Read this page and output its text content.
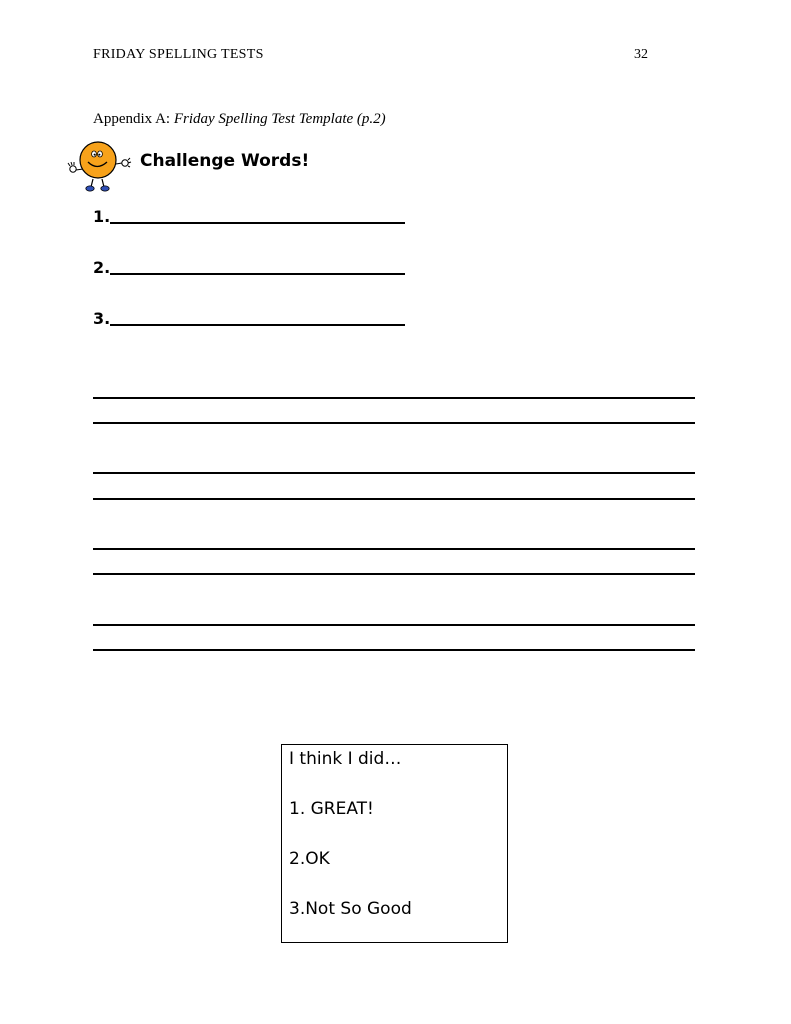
FRIDAY SPELLING TESTS	32
Appendix A: Friday Spelling Test Template (p.2)
Challenge Words!
1.
2.
3.
I think I did…
1. GREAT!
2.OK
3.Not So Good
